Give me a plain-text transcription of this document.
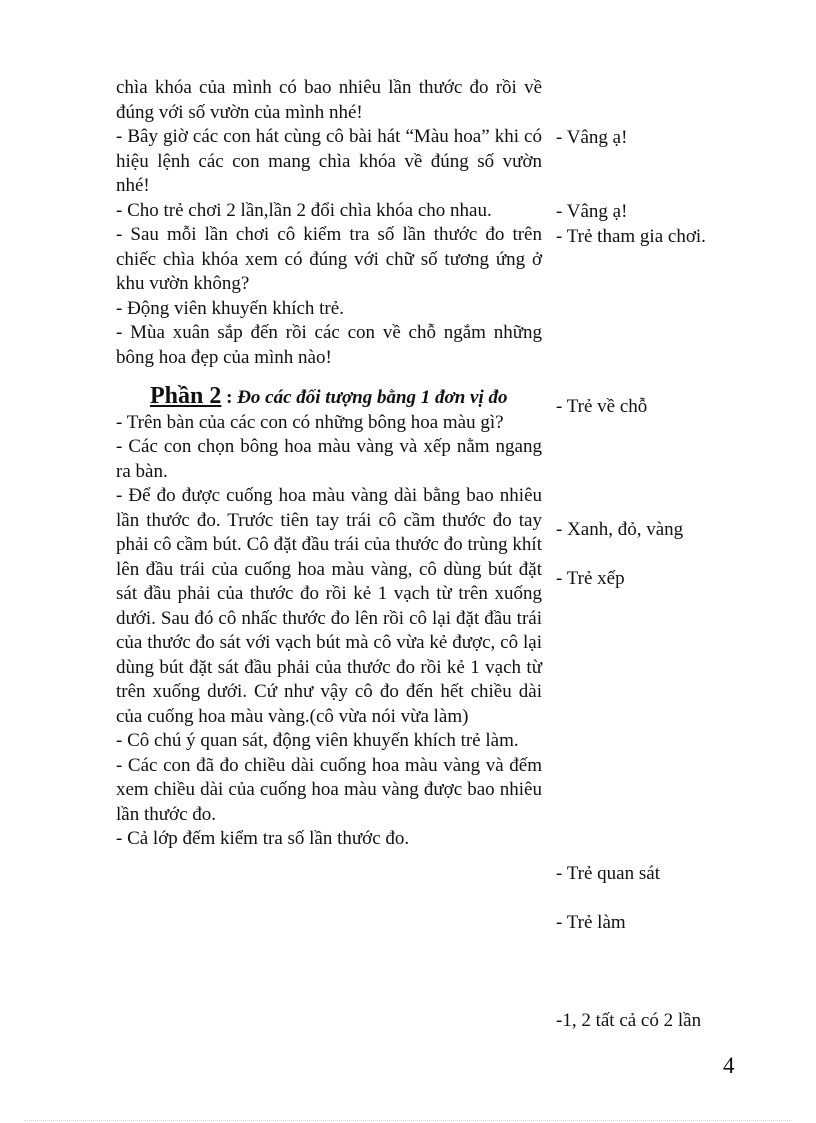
chìa khóa của mình có bao nhiêu lần thước đo rồi về đúng với số vườn của mình nhé!

- Bây giờ các con hát cùng cô bài hát “Màu hoa” khi có hiệu lệnh các con mang chìa khóa về đúng số vườn nhé!

- Cho trẻ chơi 2 lần,lần 2 đổi chìa khóa cho nhau.

- Sau mỗi lần chơi cô kiểm tra số lần thước đo trên chiếc chìa khóa xem có đúng với chữ số tương ứng ở khu vườn không?

- Động viên khuyến khích trẻ.

- Mùa xuân sắp đến rồi các con về chỗ ngắm những bông hoa đẹp của mình nào!

Phần 2 : Đo các đối tượng bằng 1 đơn vị đo

- Trên bàn của các con có những bông hoa màu gì?

- Các con chọn bông hoa màu vàng và xếp nằm ngang ra bàn.

- Để đo được cuống hoa màu vàng dài bằng bao nhiêu lần thước đo. Trước tiên tay trái cô cầm thước đo tay phải cô cầm bút. Cô đặt đầu trái của thước đo trùng khít lên đầu trái của cuống hoa màu vàng, cô dùng bút đặt sát đầu phải của thước đo rồi kẻ 1 vạch từ trên xuống dưới. Sau đó cô nhấc thước đo lên rồi cô lại đặt đầu trái của thước đo sát với vạch bút mà cô vừa kẻ được, cô lại dùng bút đặt sát đầu phải của thước đo rồi kẻ 1 vạch từ trên xuống dưới. Cứ như vậy cô đo đến hết chiều dài của cuống hoa màu vàng.(cô vừa nói vừa làm)

- Cô chú ý quan sát, động viên khuyến khích trẻ làm.

- Các con đã đo chiều dài cuống hoa màu vàng và đếm xem chiều dài của cuống hoa màu vàng được bao nhiêu lần thước đo.

- Cả lớp đếm kiểm tra số lần thước đo.

- Vâng ạ!
- Vâng ạ!
- Trẻ tham gia chơi.
- Trẻ về chỗ
- Xanh, đỏ, vàng
- Trẻ xếp
- Trẻ quan sát
- Trẻ làm
-1, 2 tất cả có 2 lần
4
